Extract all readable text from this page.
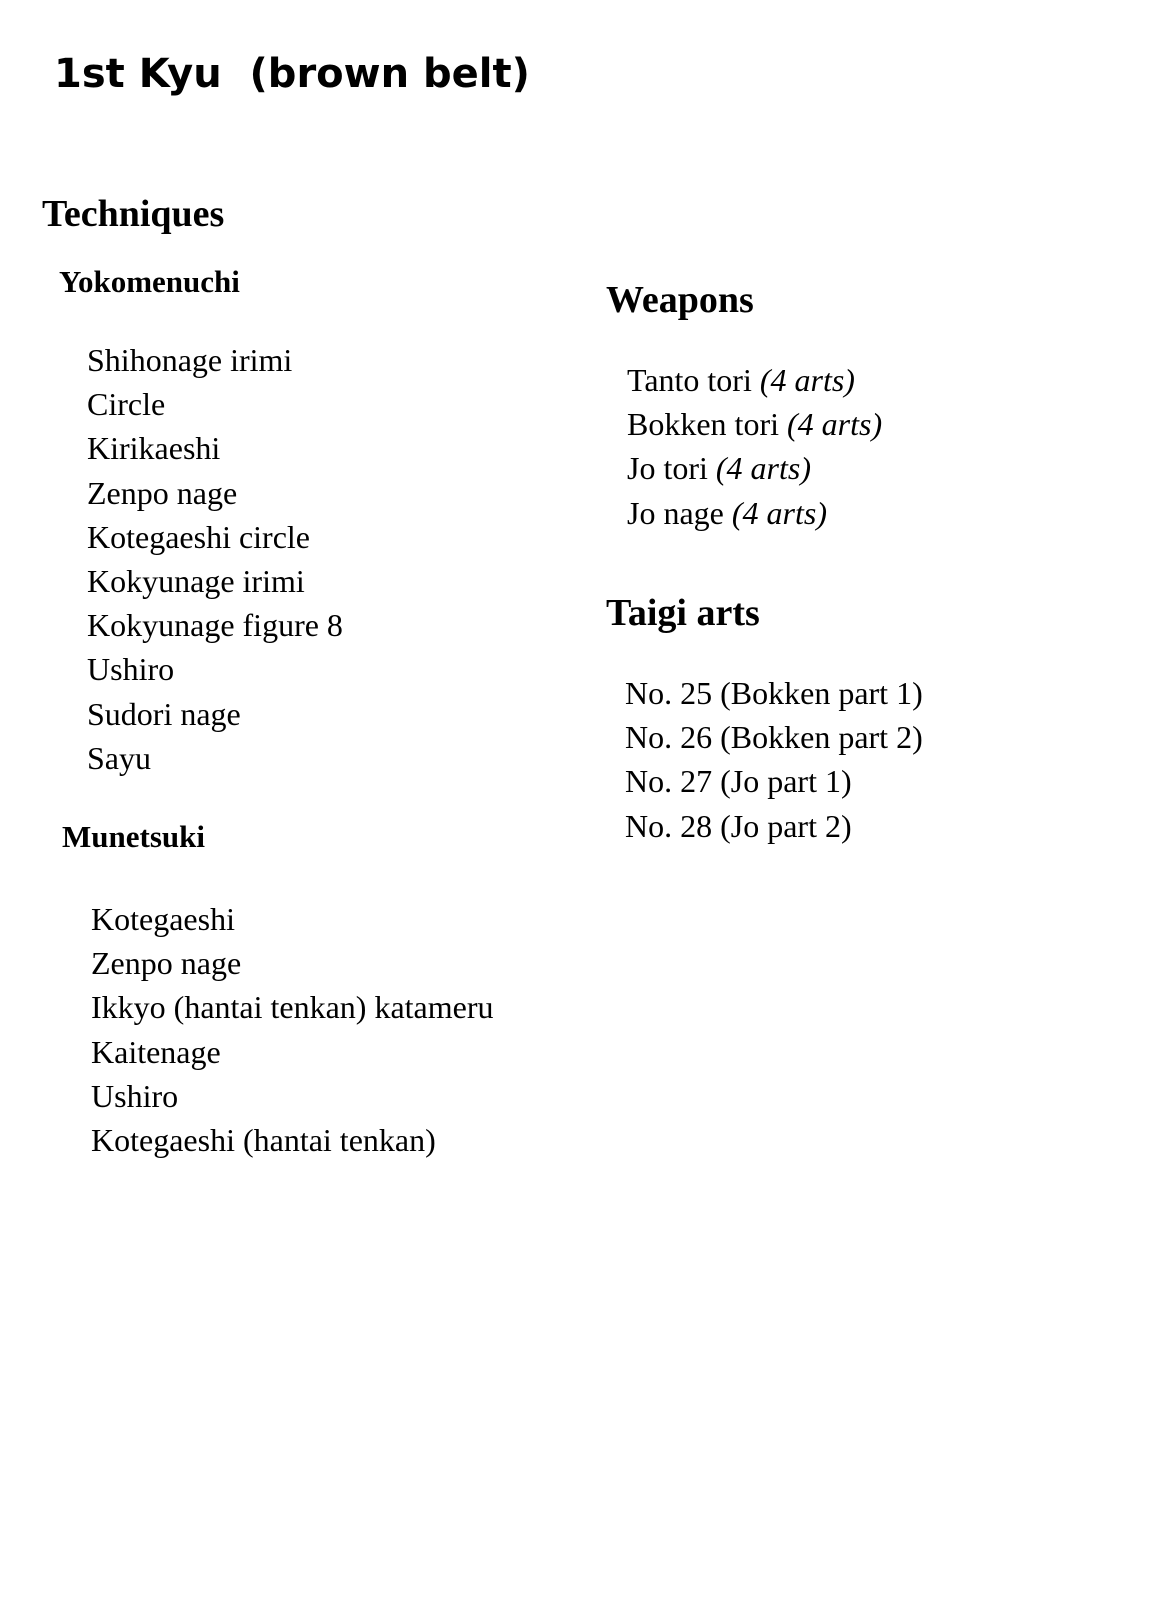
1st Kyu  (brown belt)
Techniques
Yokomenuchi
Shihonage irimi
Circle
Kirikaeshi
Zenpo nage
Kotegaeshi circle
Kokyunage irimi
Kokyunage figure 8
Ushiro
Sudori nage
Sayu
Munetsuki
Kotegaeshi
Zenpo nage
Ikkyo (hantai tenkan) katameru
Kaitenage
Ushiro
Kotegaeshi (hantai tenkan)
Weapons
Tanto tori (4 arts)
Bokken tori (4 arts)
Jo tori (4 arts)
Jo nage (4 arts)
Taigi arts
No. 25 (Bokken part 1)
No. 26 (Bokken part 2)
No. 27 (Jo part 1)
No. 28 (Jo part 2)
